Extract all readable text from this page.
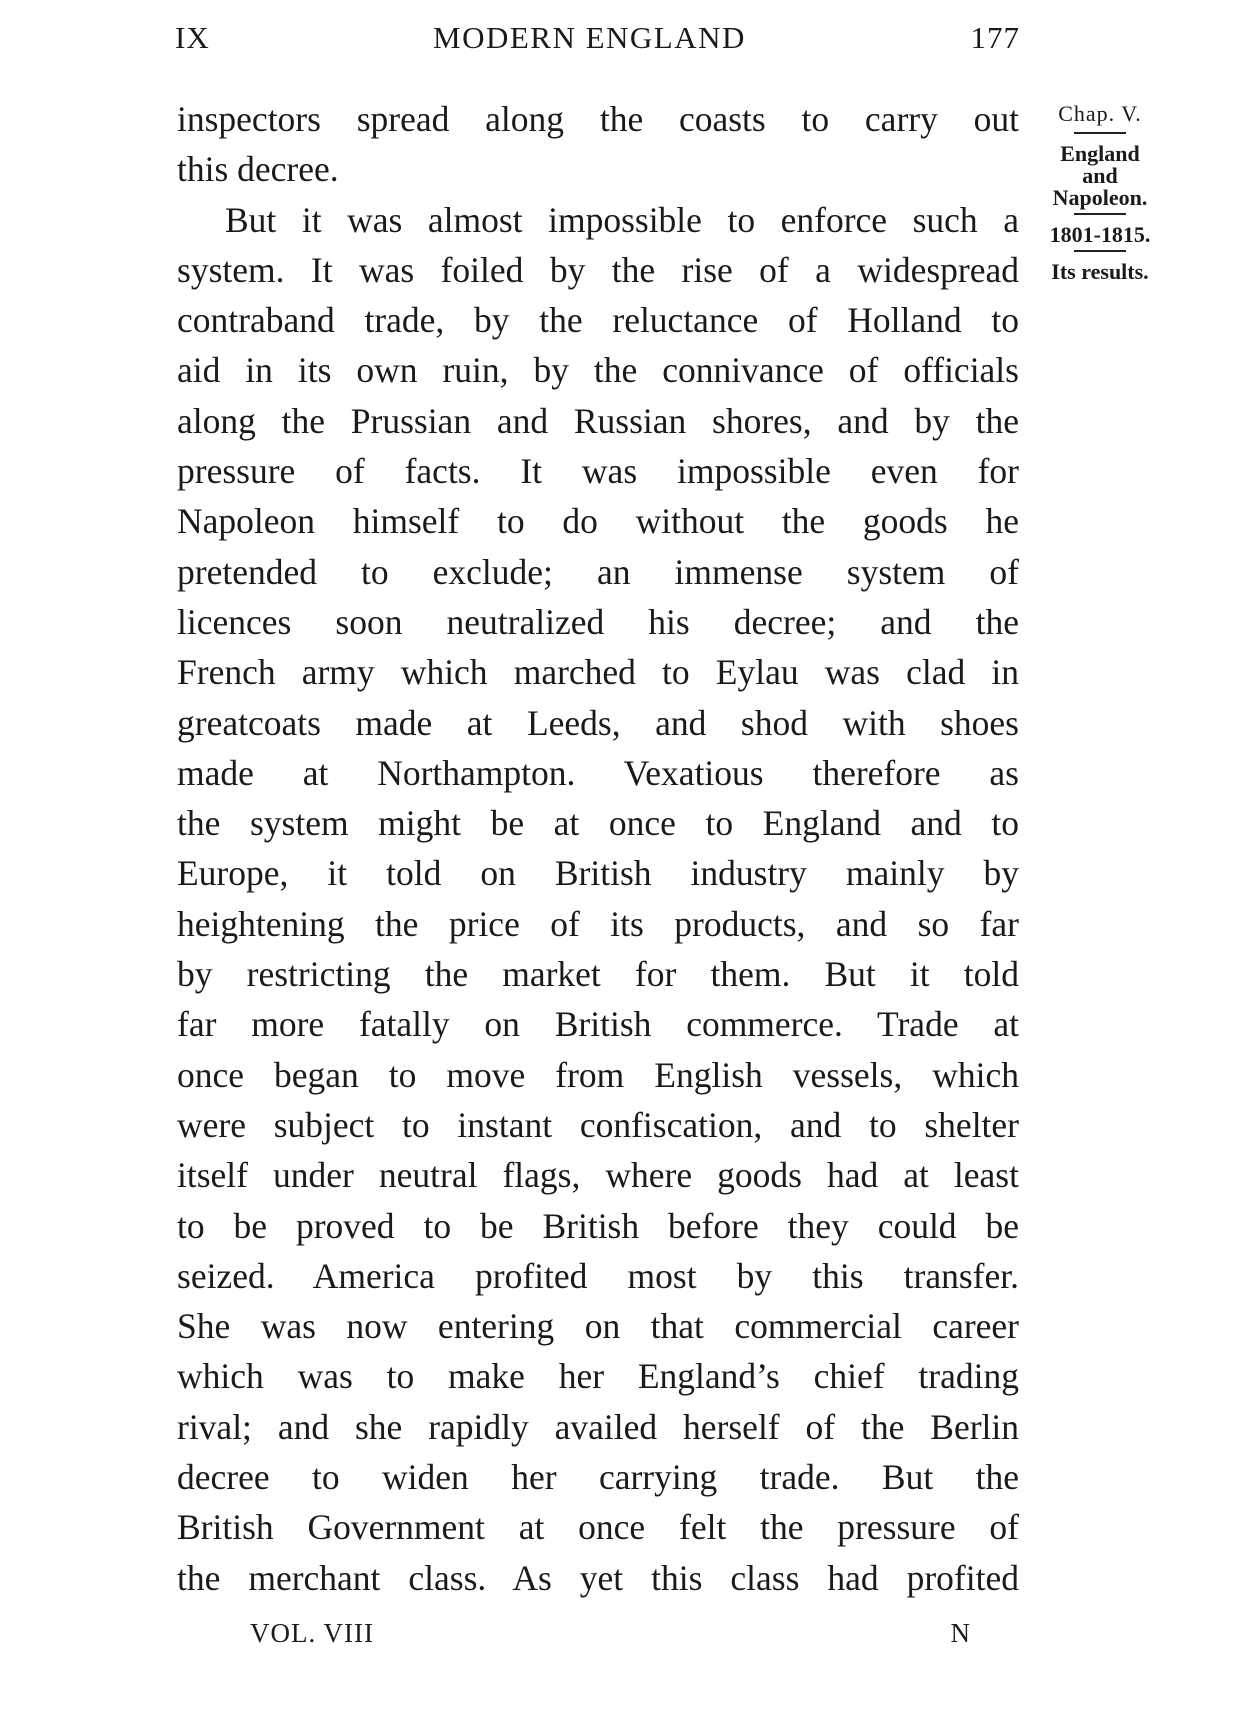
IX	MODERN ENGLAND	177
inspectors spread along the coasts to carry out
this decree.
But it was almost impossible to enforce such a
system. It was foiled by the rise of a widespread
contraband trade, by the reluctance of Holland to
aid in its own ruin, by the connivance of officials
along the Prussian and Russian shores, and by the
pressure of facts. It was impossible even for
Napoleon himself to do without the goods he
pretended to exclude; an immense system of
licences soon neutralized his decree; and the
French army which marched to Eylau was clad in
greatcoats made at Leeds, and shod with shoes
made at Northampton. Vexatious therefore as
the system might be at once to England and to
Europe, it told on British industry mainly by
heightening the price of its products, and so far
by restricting the market for them. But it told
far more fatally on British commerce. Trade at
once began to move from English vessels, which
were subject to instant confiscation, and to shelter
itself under neutral flags, where goods had at least
to be proved to be British before they could be
seized. America profited most by this transfer.
She was now entering on that commercial career
which was to make her England’s chief trading
rival; and she rapidly availed herself of the Berlin
decree to widen her carrying trade. But the
British Government at once felt the pressure of
the merchant class. As yet this class had profited
Chap. V.
England
and
Napoleon.
1801-1815.
Its results.
VOL. VIII	N
